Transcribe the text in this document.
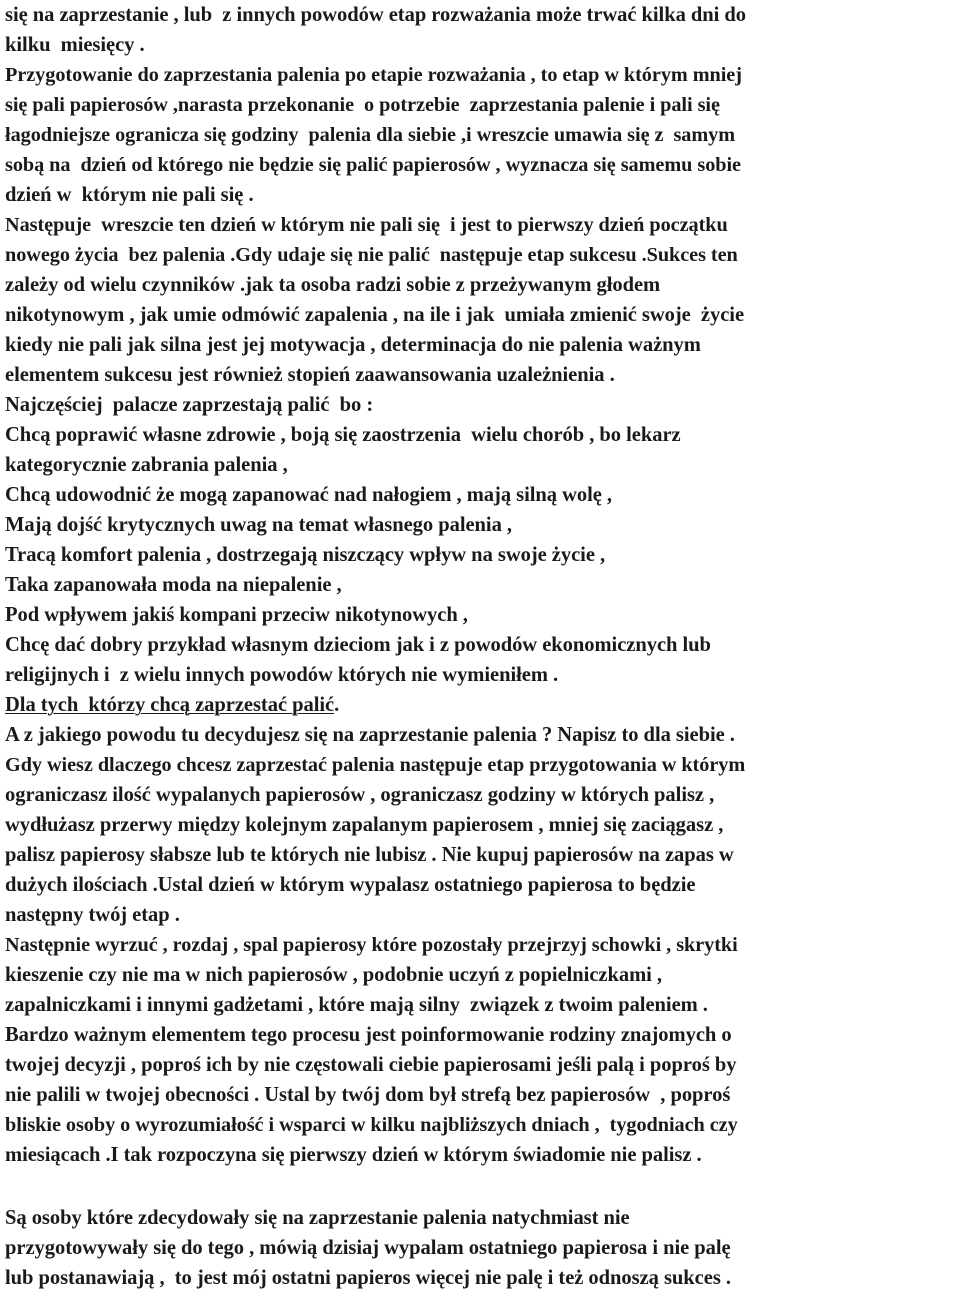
się na zaprzestanie , lub  z innych powodów etap rozważania może trwać kilka dni do
kilku  miesięcy .
Przygotowanie do zaprzestania palenia po etapie rozważania , to etap w którym mniej
się pali papierosów ,narasta przekonanie  o potrzebie  zaprzestania palenie i pali się
łagodniejsze ogranicza się godziny  palenia dla siebie ,i wreszcie umawia się z  samym
sobą na  dzień od którego nie będzie się palić papierosów , wyznacza się samemu sobie
dzień w  którym nie pali się .
Następuje  wreszcie ten dzień w którym nie pali się  i jest to pierwszy dzień początku
nowego życia  bez palenia .Gdy udaje się nie palić  następuje etap sukcesu .Sukces ten
zależy od wielu czynników .jak ta osoba radzi sobie z przeżywanym głodem
nikotynowym , jak umie odmówić zapalenia , na ile i jak  umiała zmienić swoje  życie
kiedy nie pali jak silna jest jej motywacja , determinacja do nie palenia ważnym
elementem sukcesu jest również stopień zaawansowania uzależnienia .
Najczęściej  palacze zaprzestają palić  bo :
Chcą poprawić własne zdrowie , boją się zaostrzenia  wielu chorób , bo lekarz
kategorycznie zabrania palenia ,
Chcą udowodnić że mogą zapanować nad nałogiem , mają silną wolę ,
Mają dojść krytycznych uwag na temat własnego palenia ,
Tracą komfort palenia , dostrzegają niszczący wpływ na swoje życie ,
Taka zapanowała moda na niepalenie ,
Pod wpływem jakiś kompani przeciw nikotynowych ,
Chcę dać dobry przykład własnym dzieciom jak i z powodów ekonomicznych lub
religijnych i  z wielu innych powodów których nie wymieniłem .
Dla tych  którzy chcą zaprzestać palić.
A z jakiego powodu tu decydujesz się na zaprzestanie palenia ? Napisz to dla siebie .
Gdy wiesz dlaczego chcesz zaprzestać palenia następuje etap przygotowania w którym
ograniczasz ilość wypalanych papierosów , ograniczasz godziny w których palisz ,
wydłużasz przerwy między kolejnym zapalanym papierosem , mniej się zaciągasz ,
palisz papierosy słabsze lub te których nie lubisz . Nie kupuj papierosów na zapas w
dużych ilościach .Ustal dzień w którym wypalasz ostatniego papierosa to będzie
następny twój etap .
Następnie wyrzuć , rozdaj , spal papierosy które pozostały przejrzyj schowki , skrytki
kieszenie czy nie ma w nich papierosów , podobnie uczyń z popielniczkami ,
zapalniczkami i innymi gadżetami , które mają silny  związek z twoim paleniem .
Bardzo ważnym elementem tego procesu jest poinformowanie rodziny znajomych o
twojej decyzji , poproś ich by nie częstowali ciebie papierosami jeśli palą i poproś by
nie palili w twojej obecności . Ustal by twój dom był strefą bez papierosów  , poproś
bliskie osoby o wyrozumiałość i wsparci w kilku najbliższych dniach ,  tygodniach czy
miesiącach .I tak rozpoczyna się pierwszy dzień w którym świadomie nie palisz .
Są osoby które zdecydowały się na zaprzestanie palenia natychmiast nie
przygotowywały się do tego , mówią dzisiaj wypalam ostatniego papierosa i nie palę
lub postanawiają ,  to jest mój ostatni papieros więcej nie palę i też odnoszą sukces .
